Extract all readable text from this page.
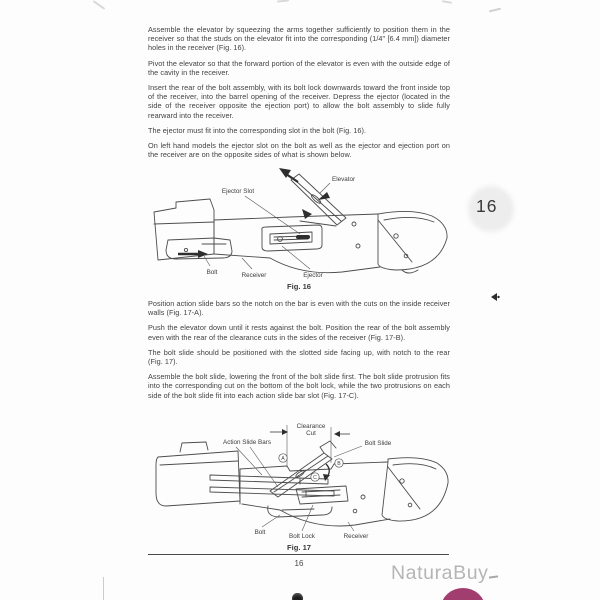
Assemble the elevator by squeezing the arms together sufficiently to position them in the receiver so that the studs on the elevator fit into the corresponding (1/4" [6.4 mm]) diameter holes in the receiver (Fig. 16).

Pivot the elevator so that the forward portion of the elevator is even with the outside edge of the cavity in the receiver.

Insert the rear of the bolt assembly, with its bolt lock downwards toward the front inside top of the receiver, into the barrel opening of the receiver. Depress the ejector (located in the side of the receiver opposite the ejection port) to allow the bolt assembly to slide fully rearward into the receiver.

The ejector must fit into the corresponding slot in the bolt (Fig. 16).

On left hand models the ejector slot on the bolt as well as the ejector and ejection port on the receiver are on the opposite sides of what is shown below.

Ejector Slot
Elevator
Bolt	Receiver	Ejector
Fig. 16

Position action slide bars so the notch on the bar is even with the cuts on the inside receiver walls (Fig. 17-A).

Push the elevator down until it rests against the bolt. Position the rear of the bolt assembly even with the rear of the clearance cuts in the sides of the receiver (Fig. 17-B).

The bolt slide should be positioned with the slotted side facing up, with notch to the rear (Fig. 17).

Assemble the bolt slide, lowering the front of the bolt slide first. The bolt slide protrusion fits into the corresponding cut on the bottom of the bolt lock, while the two protrusions on each side of the bolt slide fit into each action slide bar slot (Fig. 17-C).

A
B
C
Clearance
Cut
Action Slide Bars	Bolt Slide
Bolt
Bolt Lock	Receiver
Fig. 17
16
16
NaturaBuy
